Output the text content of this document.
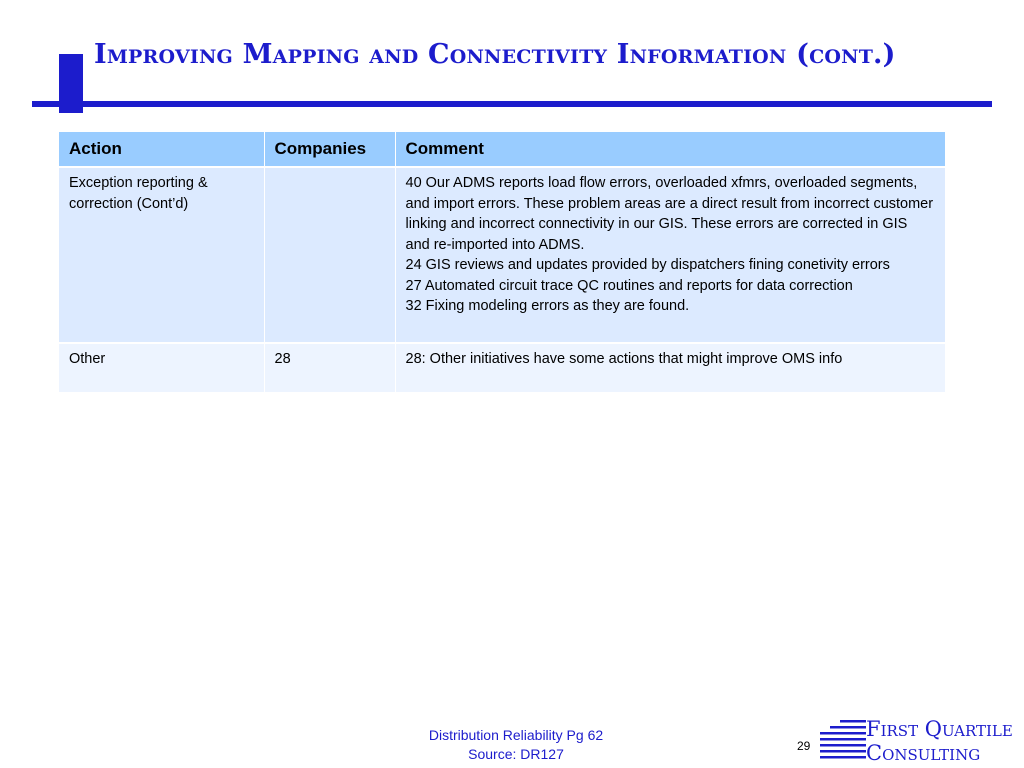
Improving Mapping and Connectivity Information (cont.)
Action	Companies	Comment
Exception reporting & correction (Cont’d)		40 Our ADMS reports load flow errors, overloaded xfmrs, overloaded segments, and import errors. These problem areas are a direct result from incorrect customer linking and incorrect connectivity in our GIS. These errors are corrected in GIS and re-imported into ADMS.
24 GIS reviews and updates provided by dispatchers fining conetivity errors
27 Automated circuit trace QC routines and reports for data correction
32 Fixing modeling errors as they are found.

Other	28	28: Other initiatives have some actions that might improve OMS info
Distribution Reliability Pg 62
Source: DR127	29
First Quartile
Consulting
